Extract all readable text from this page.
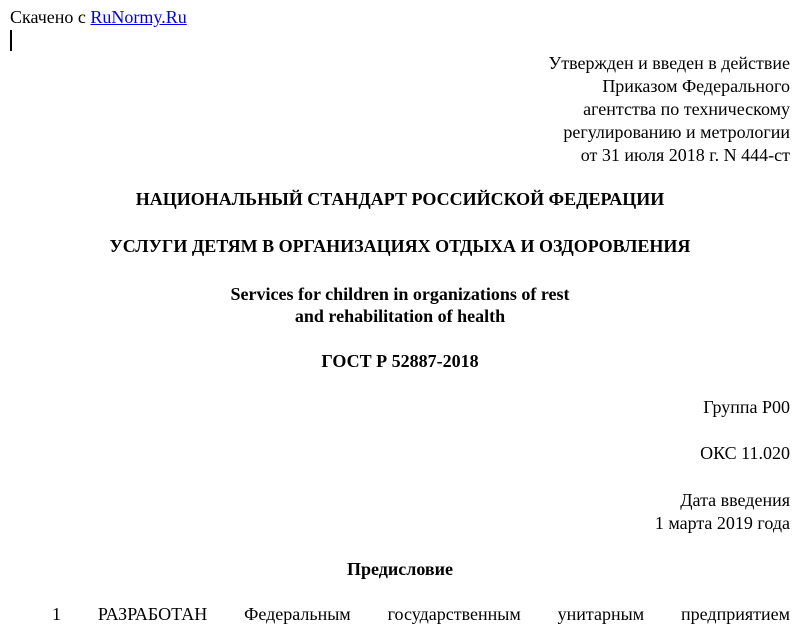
Скачено с RuNormy.Ru
Утвержден и введен в действие
Приказом Федерального
агентства по техническому
регулированию и метрологии
от 31 июля 2018 г. N 444-ст
НАЦИОНАЛЬНЫЙ СТАНДАРТ РОССИЙСКОЙ ФЕДЕРАЦИИ
УСЛУГИ ДЕТЯМ В ОРГАНИЗАЦИЯХ ОТДЫХА И ОЗДОРОВЛЕНИЯ
Services for children in organizations of rest
and rehabilitation of health
ГОСТ Р 52887-2018
Группа Р00
ОКС 11.020
Дата введения
1 марта 2019 года
Предисловие
1 РАЗРАБОТАН Федеральным государственным унитарным предприятием
